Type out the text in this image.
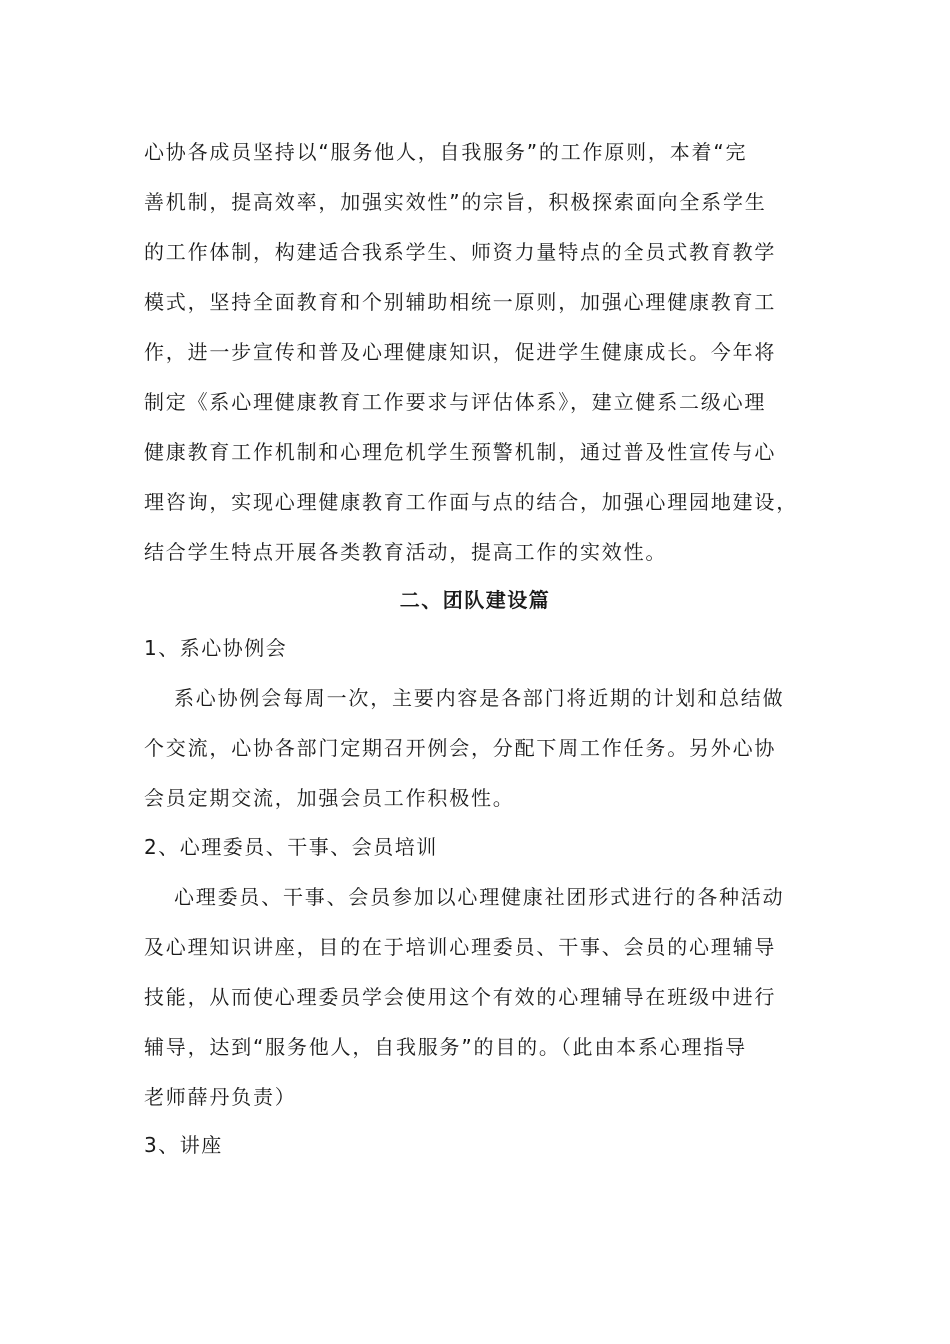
心协各成员坚持以“服务他人，自我服务”的工作原则，本着“完
善机制，提高效率，加强实效性”的宗旨，积极探索面向全系学生
的工作体制，构建适合我系学生、师资力量特点的全员式教育教学
模式，坚持全面教育和个别辅助相统一原则，加强心理健康教育工
作，进一步宣传和普及心理健康知识，促进学生健康成长。今年将
制定《系心理健康教育工作要求与评估体系》，建立健系二级心理
健康教育工作机制和心理危机学生预警机制，通过普及性宣传与心
理咨询，实现心理健康教育工作面与点的结合，加强心理园地建设，
结合学生特点开展各类教育活动，提高工作的实效性。
二、团队建设篇

1、系心协例会

系心协例会每周一次，主要内容是各部门将近期的计划和总结做
个交流，心协各部门定期召开例会，分配下周工作任务。另外心协
会员定期交流，加强会员工作积极性。

2、心理委员、干事、会员培训

心理委员、干事、会员参加以心理健康社团形式进行的各种活动
及心理知识讲座，目的在于培训心理委员、干事、会员的心理辅导
技能，从而使心理委员学会使用这个有效的心理辅导在班级中进行
辅导，达到“服务他人，自我服务”的目的。（此由本系心理指导
老师薛丹负责）

3、讲座
